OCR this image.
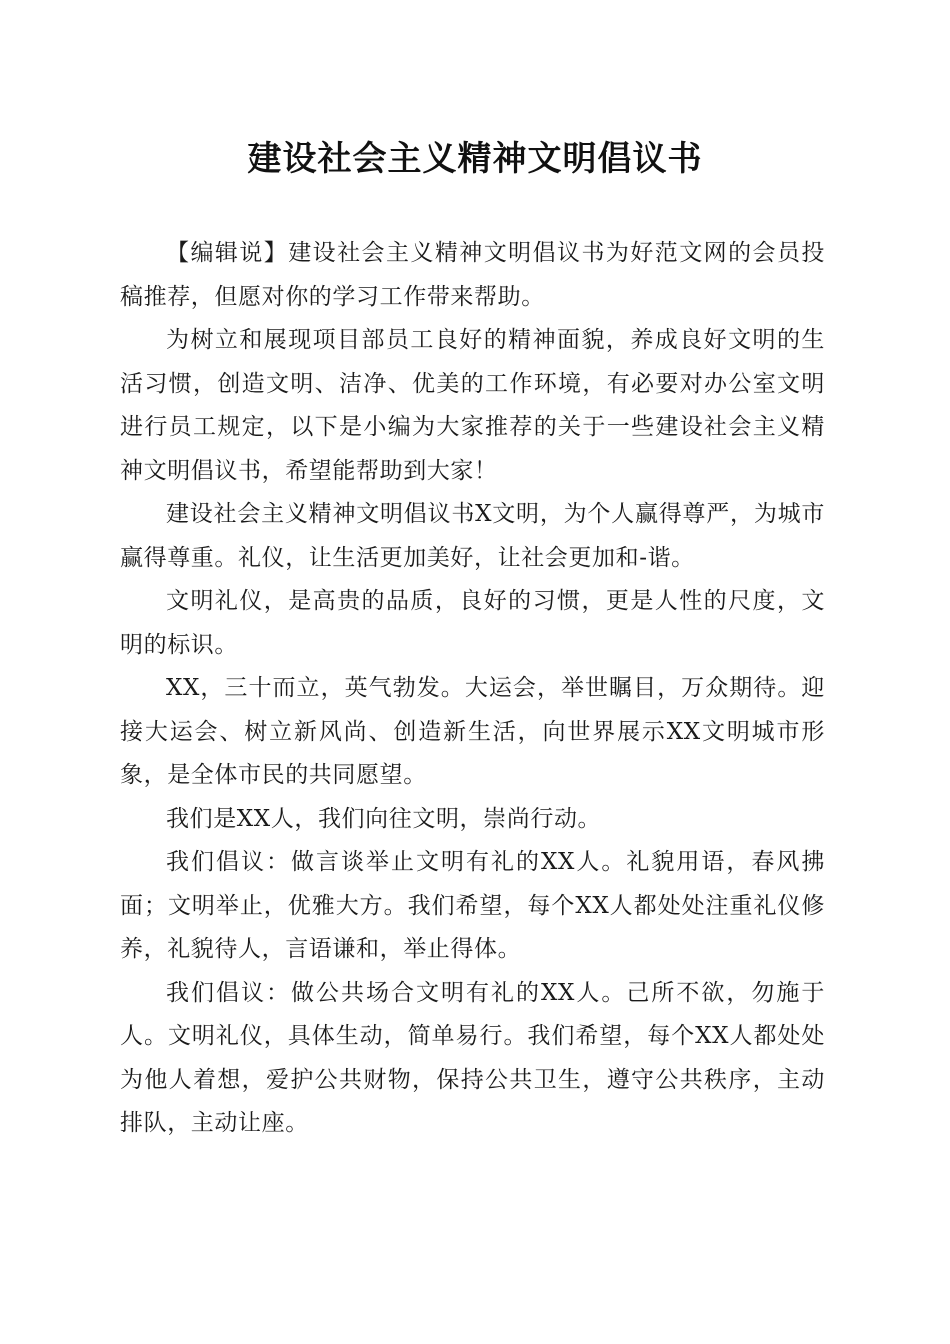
建设社会主义精神文明倡议书

【编辑说】建设社会主义精神文明倡议书为好范文网的会员投稿推荐，但愿对你的学习工作带来帮助。

为树立和展现项目部员工良好的精神面貌，养成良好文明的生活习惯，创造文明、洁净、优美的工作环境，有必要对办公室文明进行员工规定，以下是小编为大家推荐的关于一些建设社会主义精神文明倡议书，希望能帮助到大家！

建设社会主义精神文明倡议书X文明，为个人赢得尊严，为城市赢得尊重。礼仪，让生活更加美好，让社会更加和-谐。

文明礼仪，是高贵的品质，良好的习惯，更是人性的尺度，文明的标识。

XX，三十而立，英气勃发。大运会，举世瞩目，万众期待。迎接大运会、树立新风尚、创造新生活，向世界展示XX文明城市形象，是全体市民的共同愿望。

我们是XX人，我们向往文明，崇尚行动。

我们倡议：做言谈举止文明有礼的XX人。礼貌用语，春风拂面；文明举止，优雅大方。我们希望，每个XX人都处处注重礼仪修养，礼貌待人，言语谦和，举止得体。

我们倡议：做公共场合文明有礼的XX人。己所不欲，勿施于人。文明礼仪，具体生动，简单易行。我们希望，每个XX人都处处为他人着想，爱护公共财物，保持公共卫生，遵守公共秩序，主动排队，主动让座。
